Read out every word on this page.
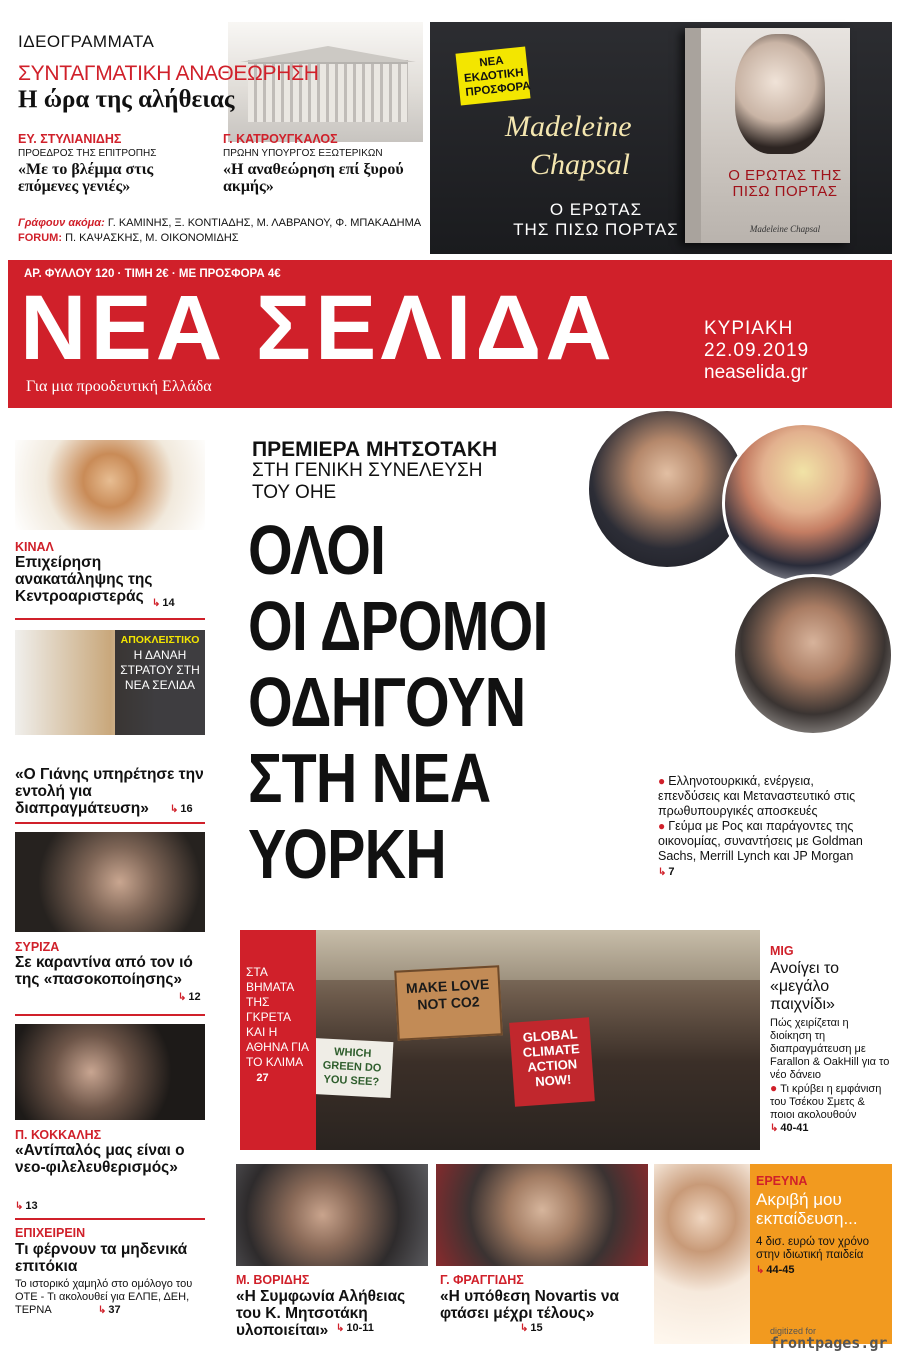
ΙΔΕΟΓΡΑΜΜΑΤΑ
ΣΥΝΤΑΓΜΑΤΙΚΗ ΑΝΑΘΕΩΡΗΣΗ
Η ώρα της αλήθειας
ΕΥ. ΣΤΥΛΙΑΝΙΔΗΣ
ΠΡΟΕΔΡΟΣ ΤΗΣ ΕΠΙΤΡΟΠΗΣ
«Με το βλέμμα στις επόμενες γενιές»
Γ. ΚΑΤΡΟΥΓΚΑΛΟΣ
ΠΡΩΗΝ ΥΠΟΥΡΓΟΣ ΕΞΩΤΕΡΙΚΩΝ
«Η αναθεώρηση επί ξυρού ακμής»
Γράφουν ακόμα: Γ. ΚΑΜΙΝΗΣ, Ξ. ΚΟΝΤΙΑΔΗΣ, Μ. ΛΑΒΡΑΝΟΥ, Φ. ΜΠΑΚΑΔΗΜΑ FORUM: Π. ΚΑΨΑΣΚΗΣ, Μ. ΟΙΚΟΝΟΜΙΔΗΣ
ΝΕΑ ΕΚΔΟΤΙΚΗ ΠΡΟΣΦΟΡΑ
Madeleine
Chapsal
Ο ΕΡΩΤΑΣ
ΤΗΣ ΠΙΣΩ ΠΟΡΤΑΣ
Ο ΕΡΩΤΑΣ ΤΗΣ ΠΙΣΩ ΠΟΡΤΑΣ
Madeleine Chapsal
ΑΡ. ΦΥΛΛΟΥ 120 · ΤΙΜΗ 2€ · ΜΕ ΠΡΟΣΦΟΡΑ 4€
ΝΕΑ ΣΕΛΙΔΑ
Για μια προοδευτική Ελλάδα
ΚΥΡΙΑΚΗ
22.09.2019
neaselida.gr
ΚΙΝΑΛ
Επιχείρηση ανακατάληψης της Κεντροαριστεράς	↳ 14
ΑΠΟΚΛΕΙΣΤΙΚΟ
Η ΔΑΝΑΗ ΣΤΡΑΤΟΥ ΣΤΗ ΝΕΑ ΣΕΛΙΔΑ
«Ο Γιάνης υπηρέτησε την εντολή για διαπραγμάτευση»	↳ 16
ΣΥΡΙΖΑ
Σε καραντίνα από τον ιό της «πασοκοποίησης»
↳ 12
Π. ΚΟΚΚΑΛΗΣ
«Αντίπαλός μας είναι ο νεο-φιλελευθερισμός»
↳ 13
ΕΠΙΧΕΙΡΕΙΝ
Τι φέρνουν τα μηδενικά επιτόκια
Το ιστορικό χαμηλό στο ομόλογο του ΟΤΕ - Τι ακολουθεί για ΕΛΠΕ, ΔΕΗ, ΤΕΡΝΑ	↳ 37
ΠΡΕΜΙΕΡΑ ΜΗΤΣΟΤΑΚΗ
ΣΤΗ ΓΕΝΙΚΗ ΣΥΝΕΛΕΥΣΗ
ΤΟΥ ΟΗΕ
ΟΛΟΙ
ΟΙ ΔΡΟΜΟΙ
ΟΔΗΓΟΥΝ
ΣΤΗ ΝΕΑ
ΥΟΡΚΗ
● Ελληνοτουρκικά, ενέργεια, επενδύσεις και Μεταναστευτικό στις πρωθυπουργικές αποσκευές
● Γεύμα με Ρος και παράγοντες της οικονομίας, συναντήσεις με Goldman Sachs, Merrill Lynch και JP Morgan ↳ 7
ΣΤΑ ΒΗΜΑΤΑ ΤΗΣ ΓΚΡΕΤΑ ΚΑΙ Η ΑΘΗΝΑ ΓΙΑ ΤΟ ΚΛΙΜΑ
↳ 27
MAKE LOVE NOT CO2
GLOBAL CLIMATE ACTION NOW!
WHICH GREEN DO YOU SEE?
MIG
Ανοίγει το «μεγάλο παιχνίδι»
Πώς χειρίζεται η διοίκηση τη διαπραγμάτευση με Farallon & OakHill για το νέο δάνειο
● Τι κρύβει η εμφάνιση του Τσέκου Σμετς & ποιοι ακολουθούν
↳ 40-41
Μ. ΒΟΡΙΔΗΣ
«Η Συμφωνία Αλήθειας του Κ. Μητσοτάκη υλοποιείται»	↳ 10-11
Γ. ΦΡΑΓΓΙΔΗΣ
«Η υπόθεση Novartis να φτάσει μέχρι τέλους»
↳ 15
ΕΡΕΥΝΑ
Ακριβή μου εκπαίδευση...
4 δισ. ευρώ τον χρόνο στην ιδιωτική παιδεία
↳ 44-45
digitized for
frontpages.gr
